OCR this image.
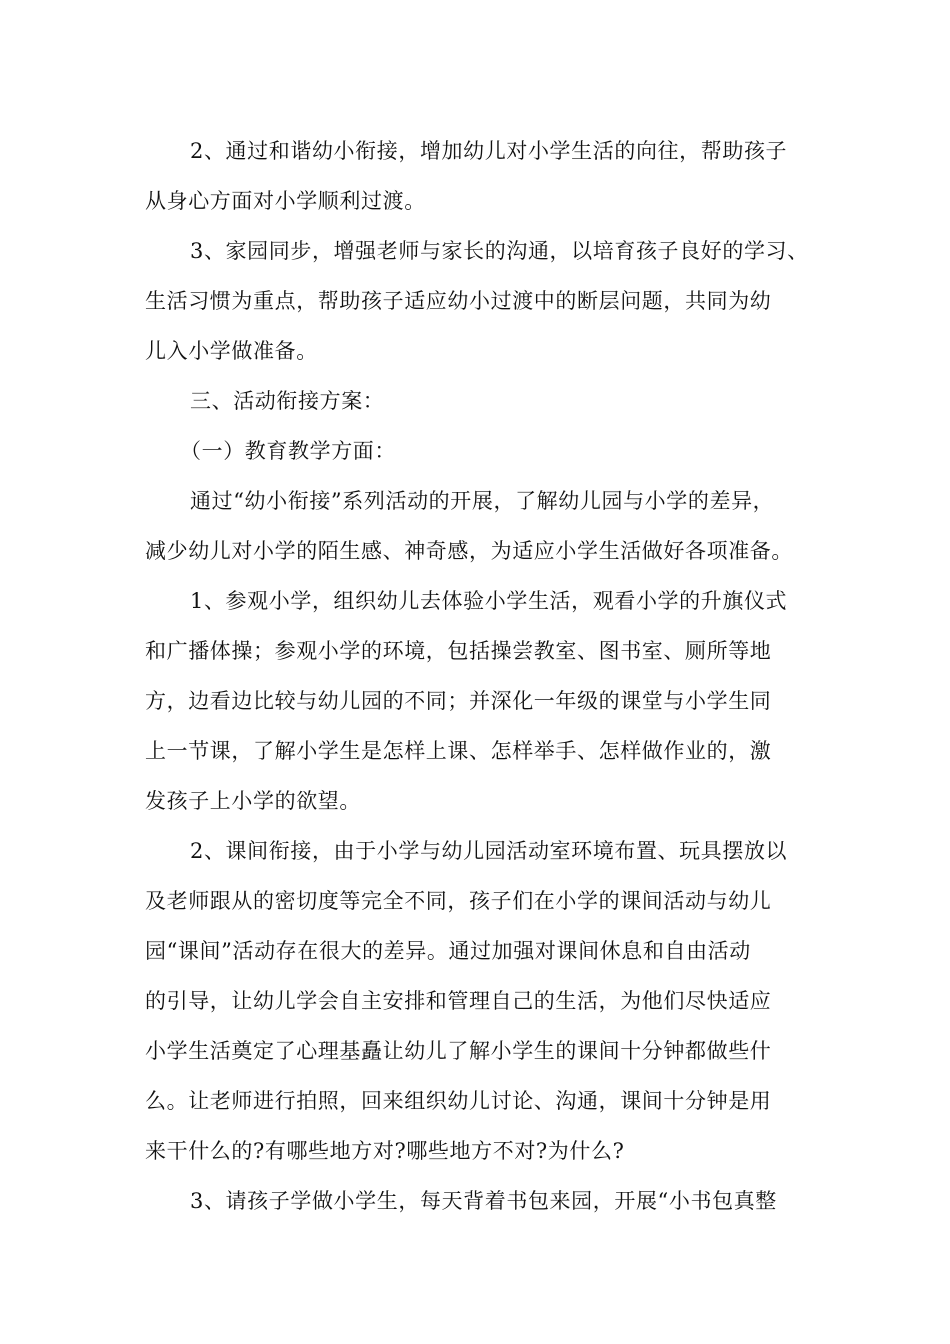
2、通过和谐幼小衔接，增加幼儿对小学生活的向往，帮助孩子
从身心方面对小学顺利过渡。
3、家园同步，增强老师与家长的沟通，以培育孩子良好的学习、
生活习惯为重点，帮助孩子适应幼小过渡中的断层问题，共同为幼
儿入小学做准备。
三、活动衔接方案：
（一）教育教学方面：
通过“幼小衔接”系列活动的开展，了解幼儿园与小学的差异，
减少幼儿对小学的陌生感、神奇感，为适应小学生活做好各项准备。
1、参观小学，组织幼儿去体验小学生活，观看小学的升旗仪式
和广播体操；参观小学的环境，包括操尝教室、图书室、厕所等地
方，边看边比较与幼儿园的不同；并深化一年级的课堂与小学生同
上一节课，了解小学生是怎样上课、怎样举手、怎样做作业的，激
发孩子上小学的欲望。
2、课间衔接，由于小学与幼儿园活动室环境布置、玩具摆放以
及老师跟从的密切度等完全不同，孩子们在小学的课间活动与幼儿
园“课间”活动存在很大的差异。通过加强对课间休息和自由活动
的引导，让幼儿学会自主安排和管理自己的生活，为他们尽快适应
小学生活奠定了心理基矗让幼儿了解小学生的课间十分钟都做些什
么。让老师进行拍照，回来组织幼儿讨论、沟通，课间十分钟是用
来干什么的?有哪些地方对?哪些地方不对?为什么?
3、请孩子学做小学生，每天背着书包来园，开展“小书包真整
